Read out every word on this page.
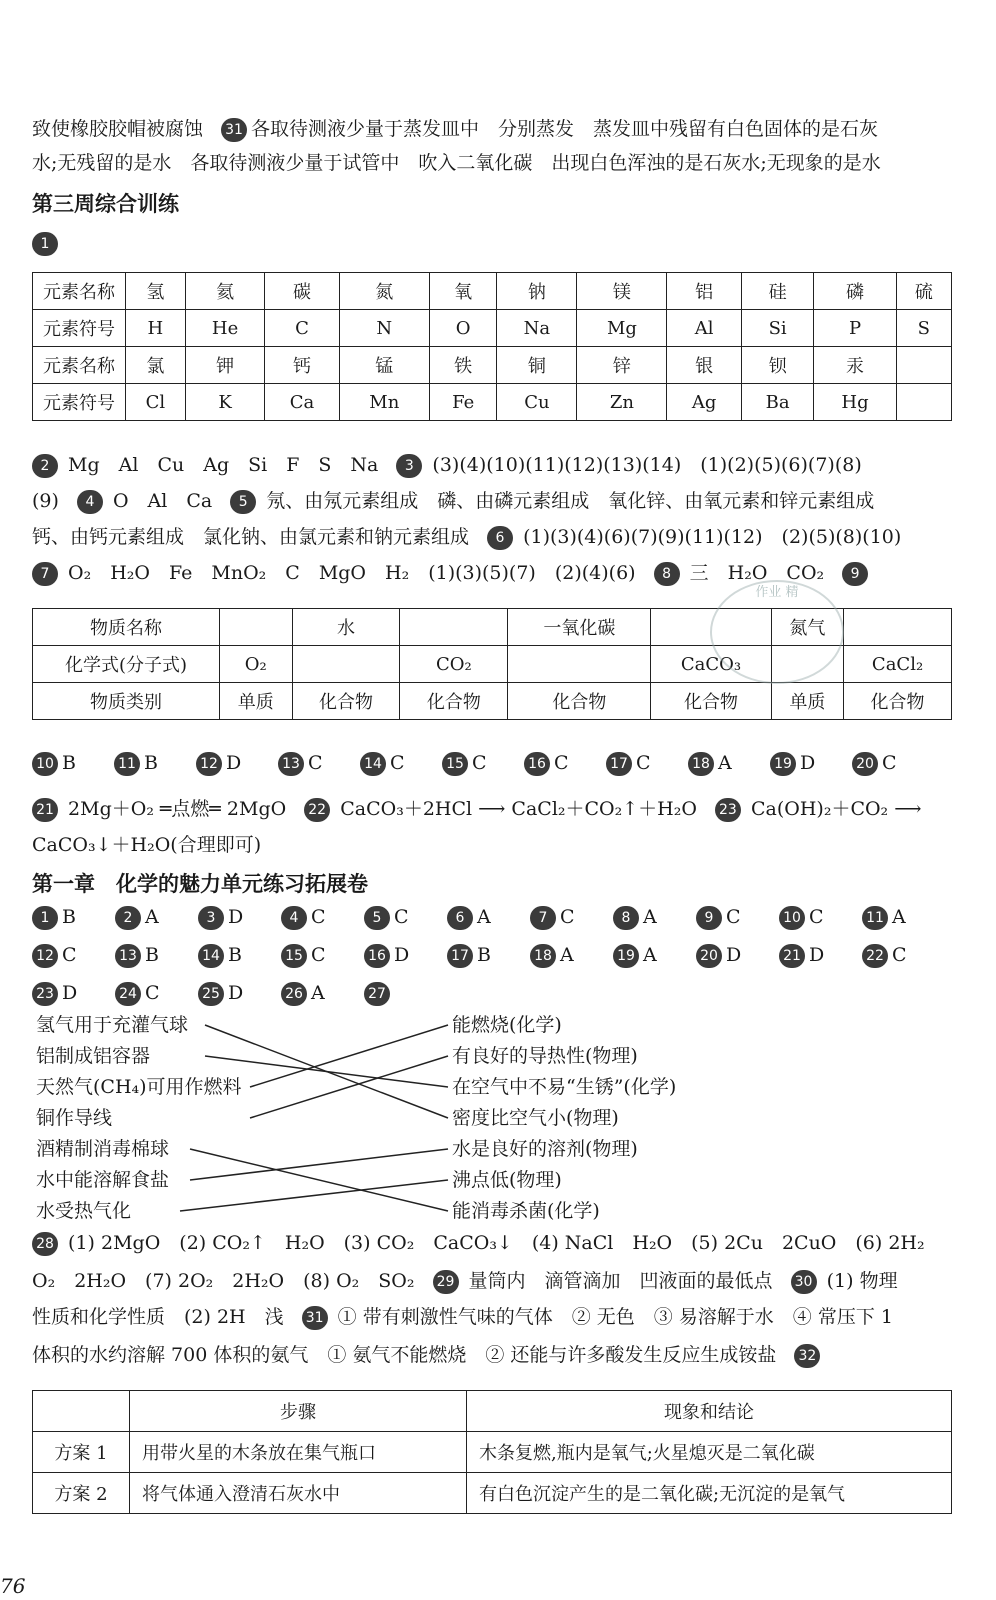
致使橡胶胶帽被腐蚀 31 各取待测液少量于蒸发皿中　分别蒸发　蒸发皿中残留有白色固体的是石灰
水;无残留的是水　各取待测液少量于试管中　吹入二氧化碳　出现白色浑浊的是石灰水;无现象的是水
第三周综合训练
1
元素名称	氢	氦	碳	氮	氧	钠	镁	铝	硅	磷	硫
元素符号	H	He	C	N	O	Na	Mg	Al	Si	P	S
元素名称	氯	钾	钙	锰	铁	铜	锌	银	钡	汞	
元素符号	Cl	K	Ca	Mn	Fe	Cu	Zn	Ag	Ba	Hg	
2 Mg　Al　Cu　Ag　Si　F　S　Na 3 (3)(4)(10)(11)(12)(13)(14)　(1)(2)(5)(6)(7)(8)
(9) 4 O　Al　Ca 5 氖、由氖元素组成　磷、由磷元素组成　氧化锌、由氧元素和锌元素组成
钙、由钙元素组成　氯化钠、由氯元素和钠元素组成 6 (1)(3)(4)(6)(7)(9)(11)(12)　(2)(5)(8)(10)
7 O₂　H₂O　Fe　MnO₂　C　MgO　H₂　(1)(3)(5)(7)　(2)(4)(6) 8 三　H₂O　CO₂ 9
物质名称		水		一氧化碳		氮气	
化学式(分子式)	O₂		CO₂		CaCO₃		CaCl₂
物质类别	单质	化合物	化合物	化合物	化合物	单质	化合物
作业 精
10 B	11 B	12 D	13 C	14 C	15 C	16 C	17 C	18 A	19 D	20 C
21 2Mg＋O₂ ═点燃═ 2MgO 22 CaCO₃＋2HCl ⟶ CaCl₂＋CO₂↑＋H₂O 23 Ca(OH)₂＋CO₂ ⟶
CaCO₃↓＋H₂O(合理即可)
第一章　化学的魅力单元练习拓展卷
1 B	2 A	3 D	4 C	5 C	6 A	7 C	8 A	9 C	10 C	11 A
12 C	13 B	14 B	15 C	16 D	17 B	18 A	19 A	20 D	21 D	22 C
23 D	24 C	25 D	26 A	27
氢气用于充灌气球
铝制成铝容器
天然气(CH₄)可用作燃料
铜作导线
酒精制消毒棉球
水中能溶解食盐
水受热气化
能燃烧(化学)
有良好的导热性(物理)
在空气中不易“生锈”(化学)
密度比空气小(物理)
水是良好的溶剂(物理)
沸点低(物理)
能消毒杀菌(化学)
28 (1) 2MgO　(2) CO₂↑　H₂O　(3) CO₂　CaCO₃↓　(4) NaCl　H₂O　(5) 2Cu　2CuO　(6) 2H₂
O₂　2H₂O　(7) 2O₂　2H₂O　(8) O₂　SO₂ 29 量筒内　滴管滴加　凹液面的最低点 30 (1) 物理
性质和化学性质　(2) 2H　浅 31 ① 带有刺激性气味的气体　② 无色　③ 易溶解于水　④ 常压下 1
体积的水约溶解 700 体积的氨气　① 氨气不能燃烧　② 还能与许多酸发生反应生成铵盐 32
	步骤	现象和结论
方案 1	用带火星的木条放在集气瓶口	木条复燃,瓶内是氧气;火星熄灭是二氧化碳
方案 2	将气体通入澄清石灰水中	有白色沉淀产生的是二氧化碳;无沉淀的是氧气
76
